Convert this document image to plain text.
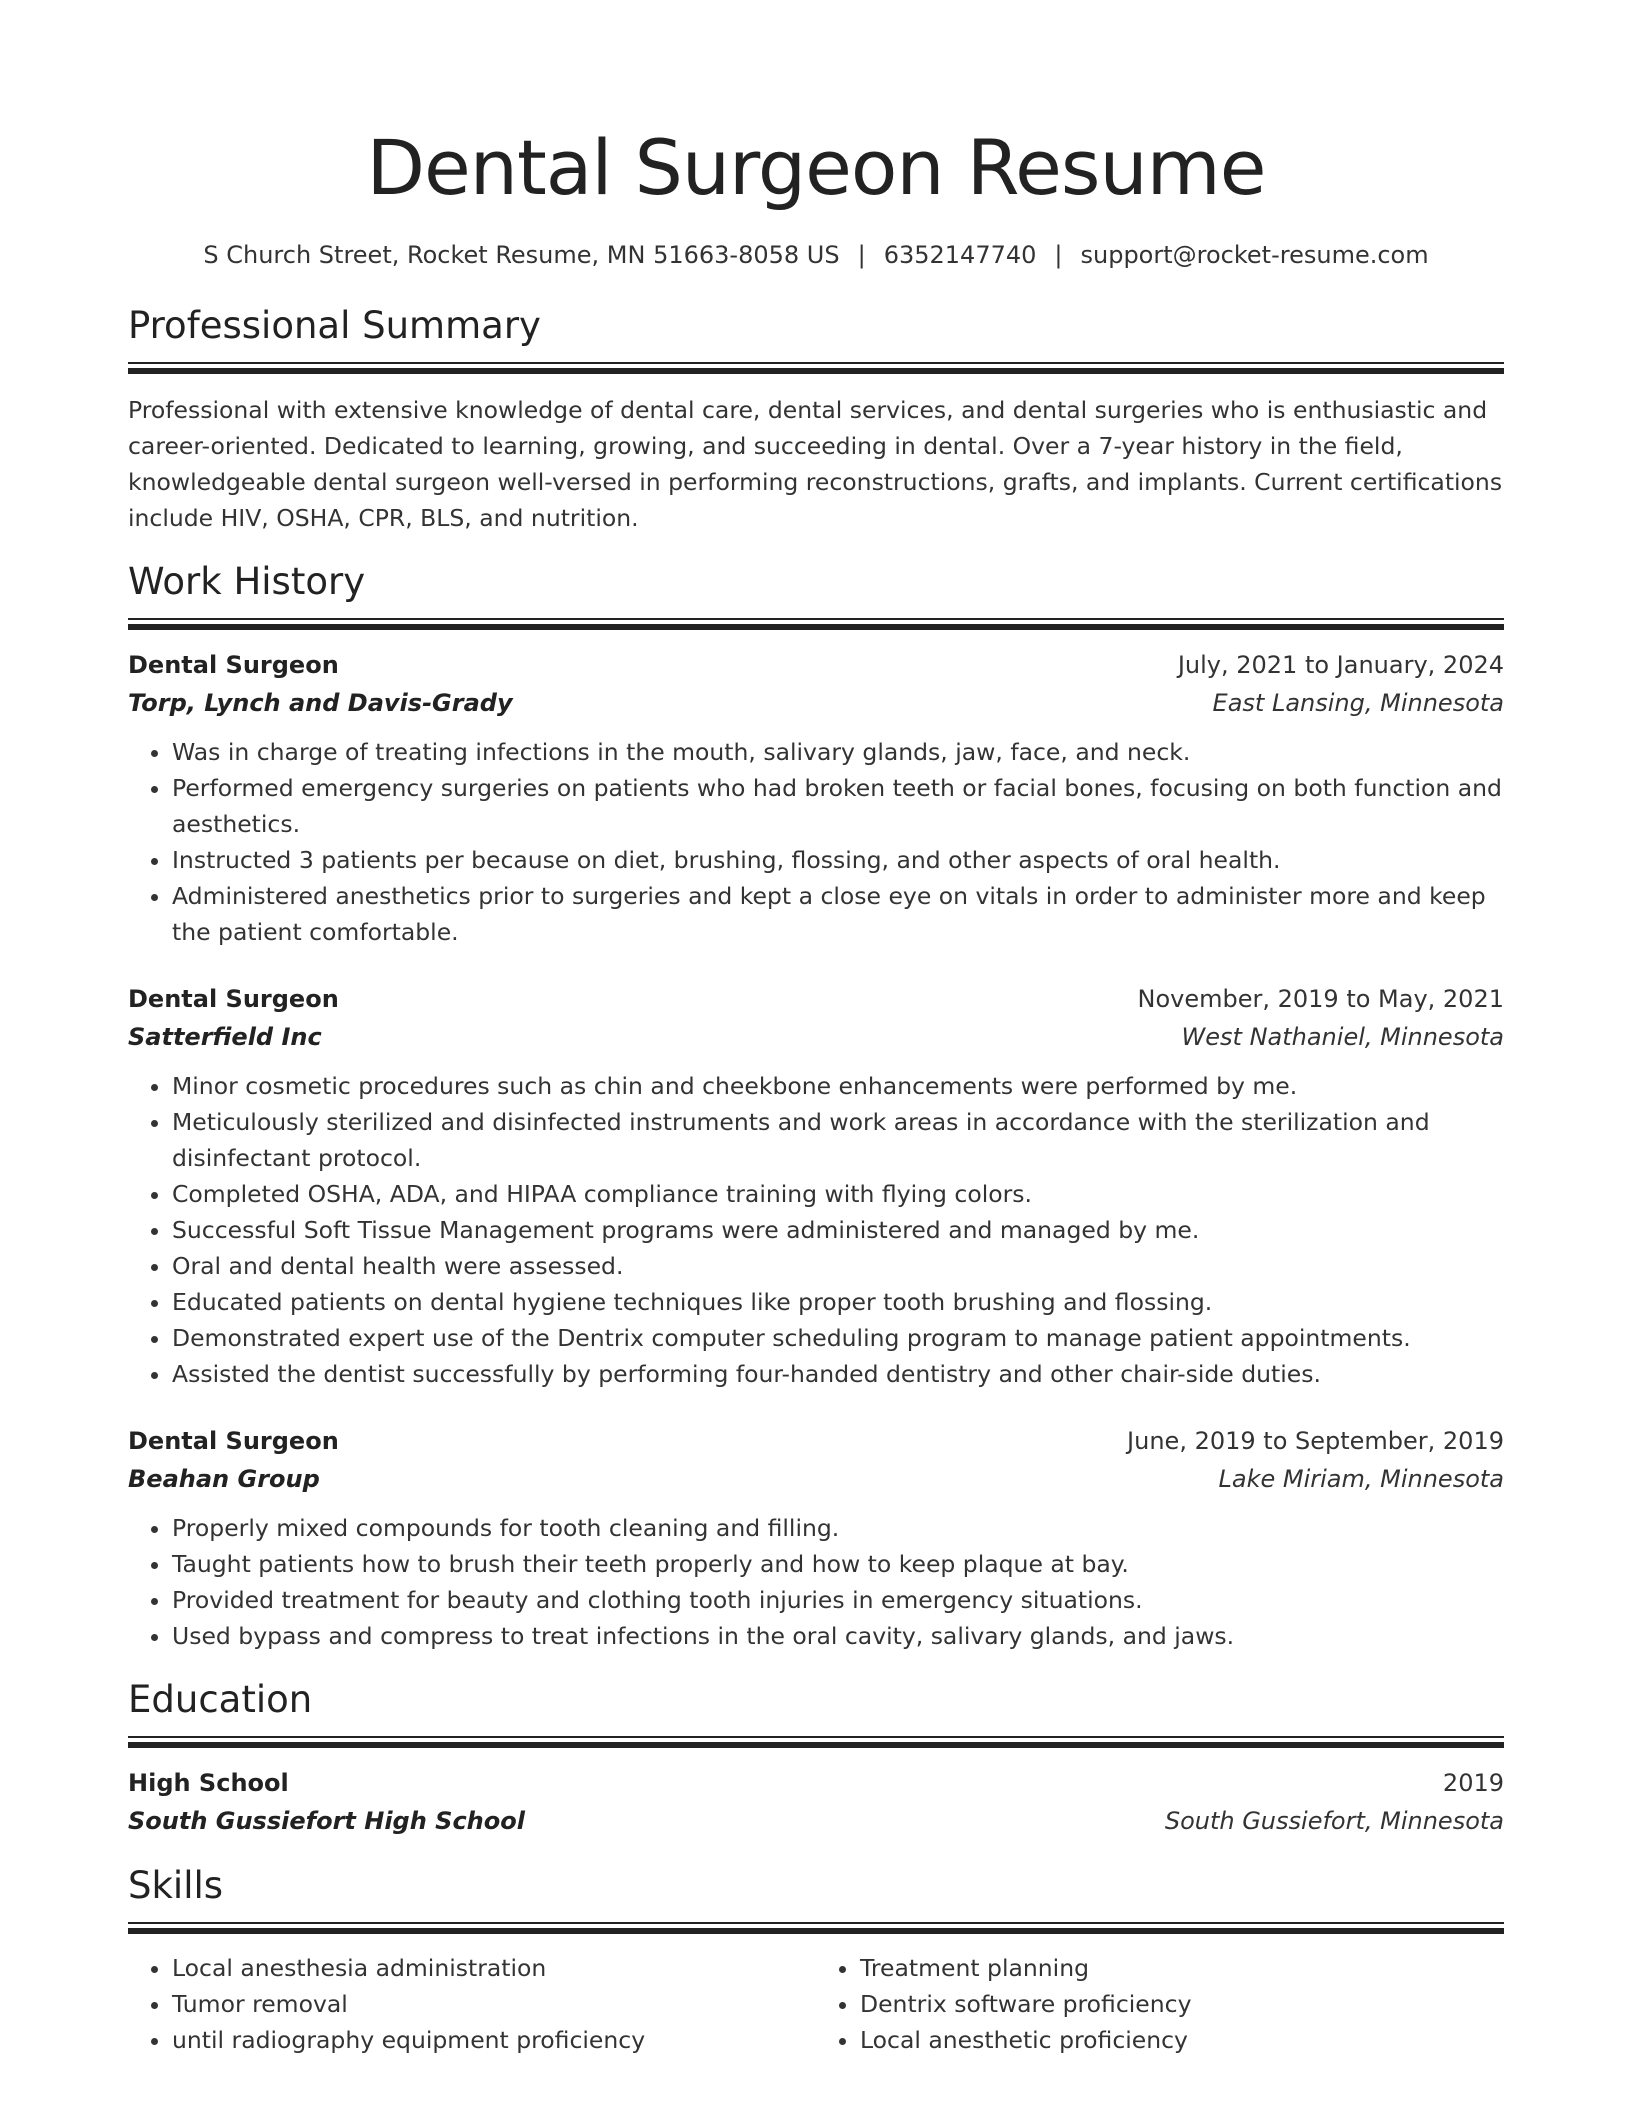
Dental Surgeon Resume
S Church Street, Rocket Resume, MN 51663-8058 US | 6352147740 | support@rocket-resume.com
Professional Summary
Professional with extensive knowledge of dental care, dental services, and dental surgeries who is enthusiastic and career-oriented. Dedicated to learning, growing, and succeeding in dental. Over a 7-year history in the field, knowledgeable dental surgeon well-versed in performing reconstructions, grafts, and implants. Current certifications include HIV, OSHA, CPR, BLS, and nutrition.
Work History
Dental Surgeon	July, 2021 to January, 2024
Torp, Lynch and Davis-Grady	East Lansing, Minnesota
• Was in charge of treating infections in the mouth, salivary glands, jaw, face, and neck.
• Performed emergency surgeries on patients who had broken teeth or facial bones, focusing on both function and aesthetics.
• Instructed 3 patients per because on diet, brushing, flossing, and other aspects of oral health.
• Administered anesthetics prior to surgeries and kept a close eye on vitals in order to administer more and keep the patient comfortable.
Dental Surgeon	November, 2019 to May, 2021
Satterfield Inc	West Nathaniel, Minnesota
• Minor cosmetic procedures such as chin and cheekbone enhancements were performed by me.
• Meticulously sterilized and disinfected instruments and work areas in accordance with the sterilization and disinfectant protocol.
• Completed OSHA, ADA, and HIPAA compliance training with flying colors.
• Successful Soft Tissue Management programs were administered and managed by me.
• Oral and dental health were assessed.
• Educated patients on dental hygiene techniques like proper tooth brushing and flossing.
• Demonstrated expert use of the Dentrix computer scheduling program to manage patient appointments.
• Assisted the dentist successfully by performing four-handed dentistry and other chair-side duties.
Dental Surgeon	June, 2019 to September, 2019
Beahan Group	Lake Miriam, Minnesota
• Properly mixed compounds for tooth cleaning and filling.
• Taught patients how to brush their teeth properly and how to keep plaque at bay.
• Provided treatment for beauty and clothing tooth injuries in emergency situations.
• Used bypass and compress to treat infections in the oral cavity, salivary glands, and jaws.
Education
High School	2019
South Gussiefort High School	South Gussiefort, Minnesota
Skills
• Local anesthesia administration
• Tumor removal
• until radiography equipment proficiency
• Treatment planning
• Dentrix software proficiency
• Local anesthetic proficiency
